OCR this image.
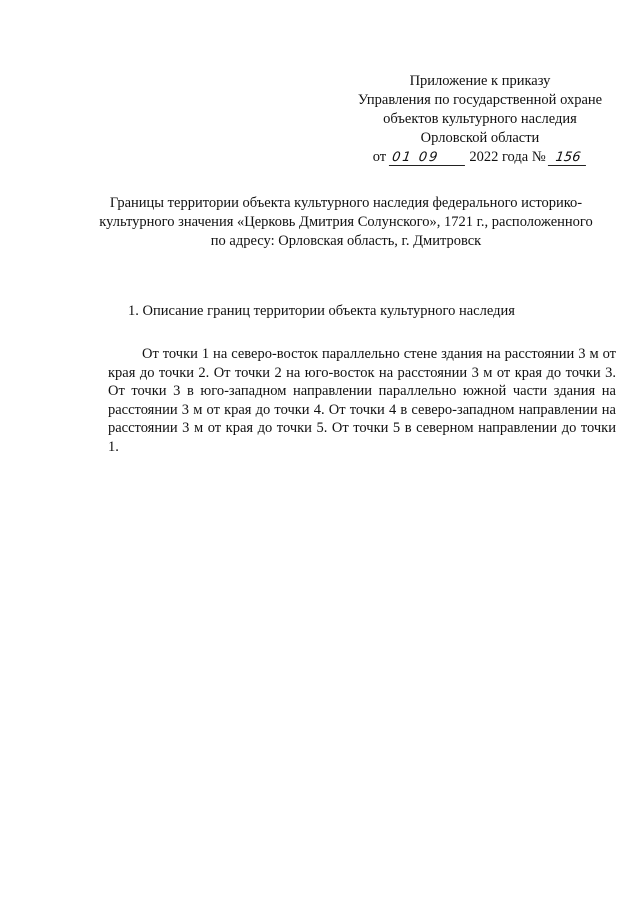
Приложение к приказу
Управления по государственной охране
объектов культурного наследия
Орловской области
от 01 09 2022 года № 156
Границы территории объекта культурного наследия федерального историко-
культурного значения «Церковь Дмитрия Солунского», 1721 г., расположенного
по адресу: Орловская область, г. Дмитровск
1. Описание границ территории объекта культурного наследия

От точки 1 на северо-восток параллельно стене здания на расстоянии 3 м от края до точки 2. От точки 2 на юго-восток на расстоянии 3 м от края до точки 3. От точки 3 в юго-западном направлении параллельно южной части здания на расстоянии 3 м от края до точки 4. От точки 4 в северо-западном направлении на расстоянии 3 м от края до точки 5. От точки 5 в северном направлении до точки 1.
